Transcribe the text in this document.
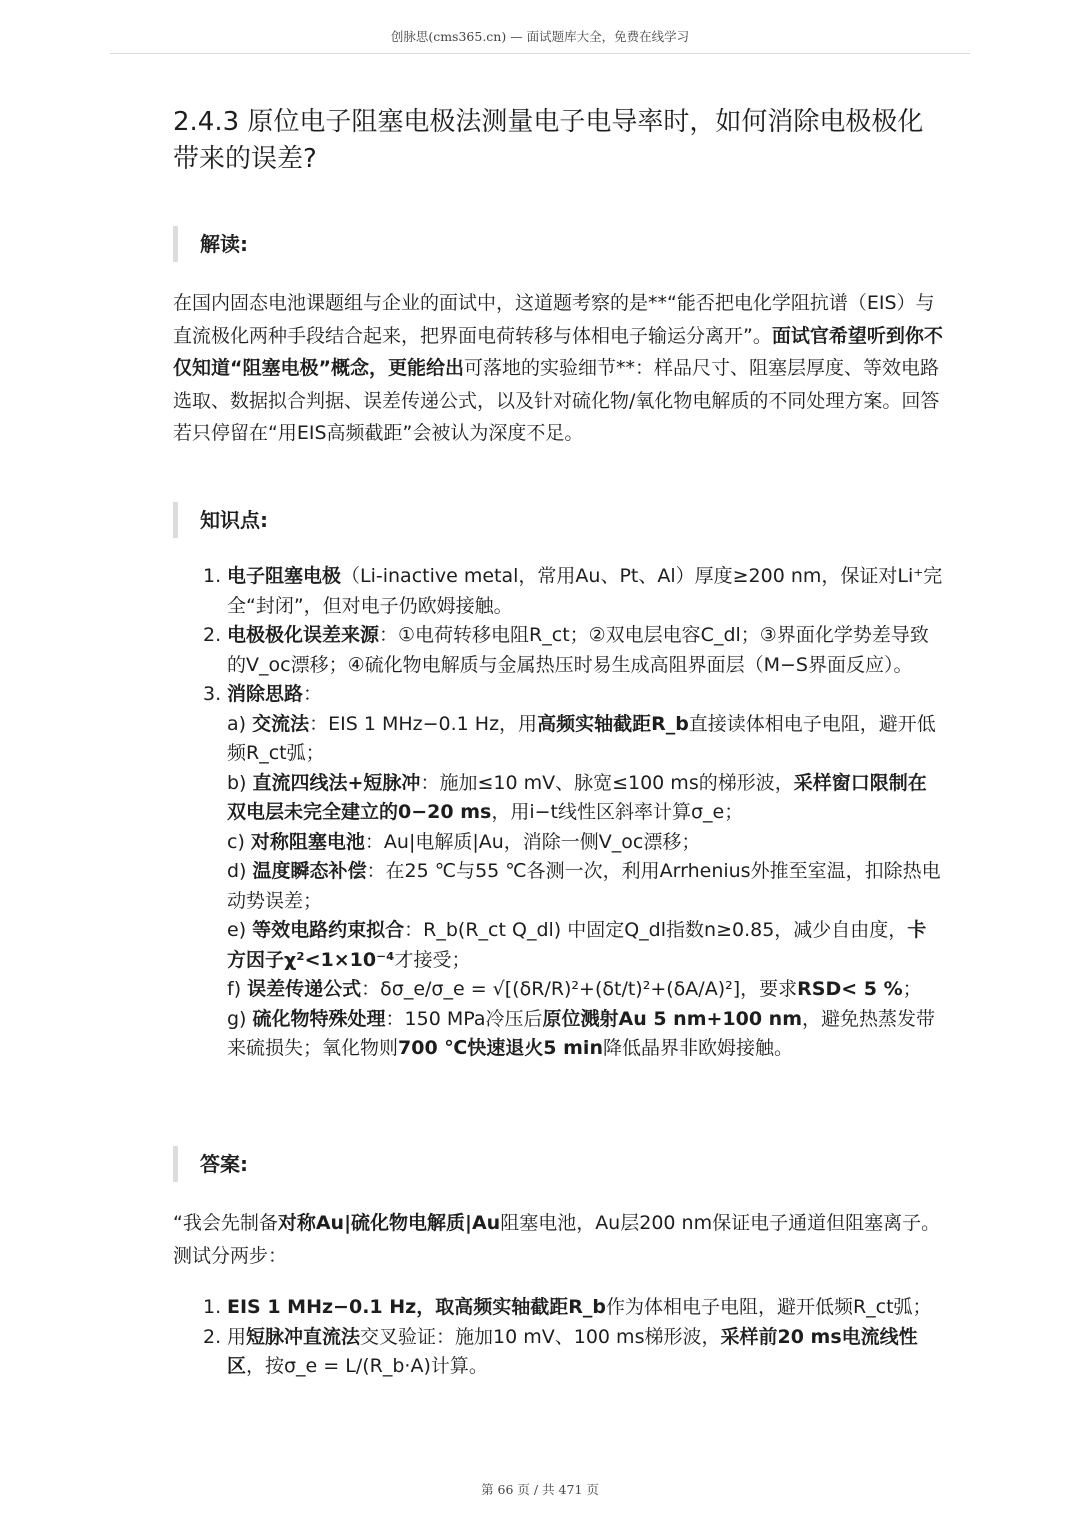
创脉思(cms365.cn) — 面试题库大全，免费在线学习
2.4.3 原位电子阻塞电极法测量电子电导率时，如何消除电极极化带来的误差?
解读:

在国内固态电池课题组与企业的面试中，这道题考察的是**“能否把电化学阻抗谱（EIS）与直流极化两种手段结合起来，把界面电荷转移与体相电子输运分离开”。面试官希望听到你不仅知道“阻塞电极”概念，更能给出可落地的实验细节**：样品尺寸、阻塞层厚度、等效电路选取、数据拟合判据、误差传递公式，以及针对硫化物/氧化物电解质的不同处理方案。回答若只停留在“用EIS高频截距”会被认为深度不足。

知识点:
1. 电子阻塞电极（Li-inactive metal，常用Au、Pt、Al）厚度≥200 nm，保证对Li⁺完全“封闭”，但对电子仍欧姆接触。
2. 电极极化误差来源：①电荷转移电阻R_ct；②双电层电容C_dl；③界面化学势差导致的V_oc漂移；④硫化物电解质与金属热压时易生成高阻界面层（M−S界面反应）。
3. 消除思路：
a) 交流法：EIS 1 MHz−0.1 Hz，用高频实轴截距R_b直接读体相电子电阻，避开低频R_ct弧；
b) 直流四线法+短脉冲：施加≤10 mV、脉宽≤100 ms的梯形波，采样窗口限制在双电层未完全建立的0−20 ms，用i−t线性区斜率计算σ_e；
c) 对称阻塞电池：Au|电解质|Au，消除一侧V_oc漂移；
d) 温度瞬态补偿：在25 ℃与55 ℃各测一次，利用Arrhenius外推至室温，扣除热电动势误差；
e) 等效电路约束拟合：R_b(R_ct Q_dl) 中固定Q_dl指数n≥0.85，减少自由度，卡方因子χ²<1×10⁻⁴才接受；
f) 误差传递公式：δσ_e/σ_e = √[(δR/R)²+(δt/t)²+(δA/A)²]，要求RSD< 5 %；
g) 硫化物特殊处理：150 MPa冷压后原位溅射Au 5 nm+100 nm，避免热蒸发带来硫损失；氧化物则700 ℃快速退火5 min降低晶界非欧姆接触。
答案:

“我会先制备对称Au|硫化物电解质|Au阻塞电池，Au层200 nm保证电子通道但阻塞离子。测试分两步：

1. EIS 1 MHz−0.1 Hz，取高频实轴截距R_b作为体相电子电阻，避开低频R_ct弧；
2. 用短脉冲直流法交叉验证：施加10 mV、100 ms梯形波，采样前20 ms电流线性区，按σ_e = L/(R_b·A)计算。
第 66 页 / 共 471 页
